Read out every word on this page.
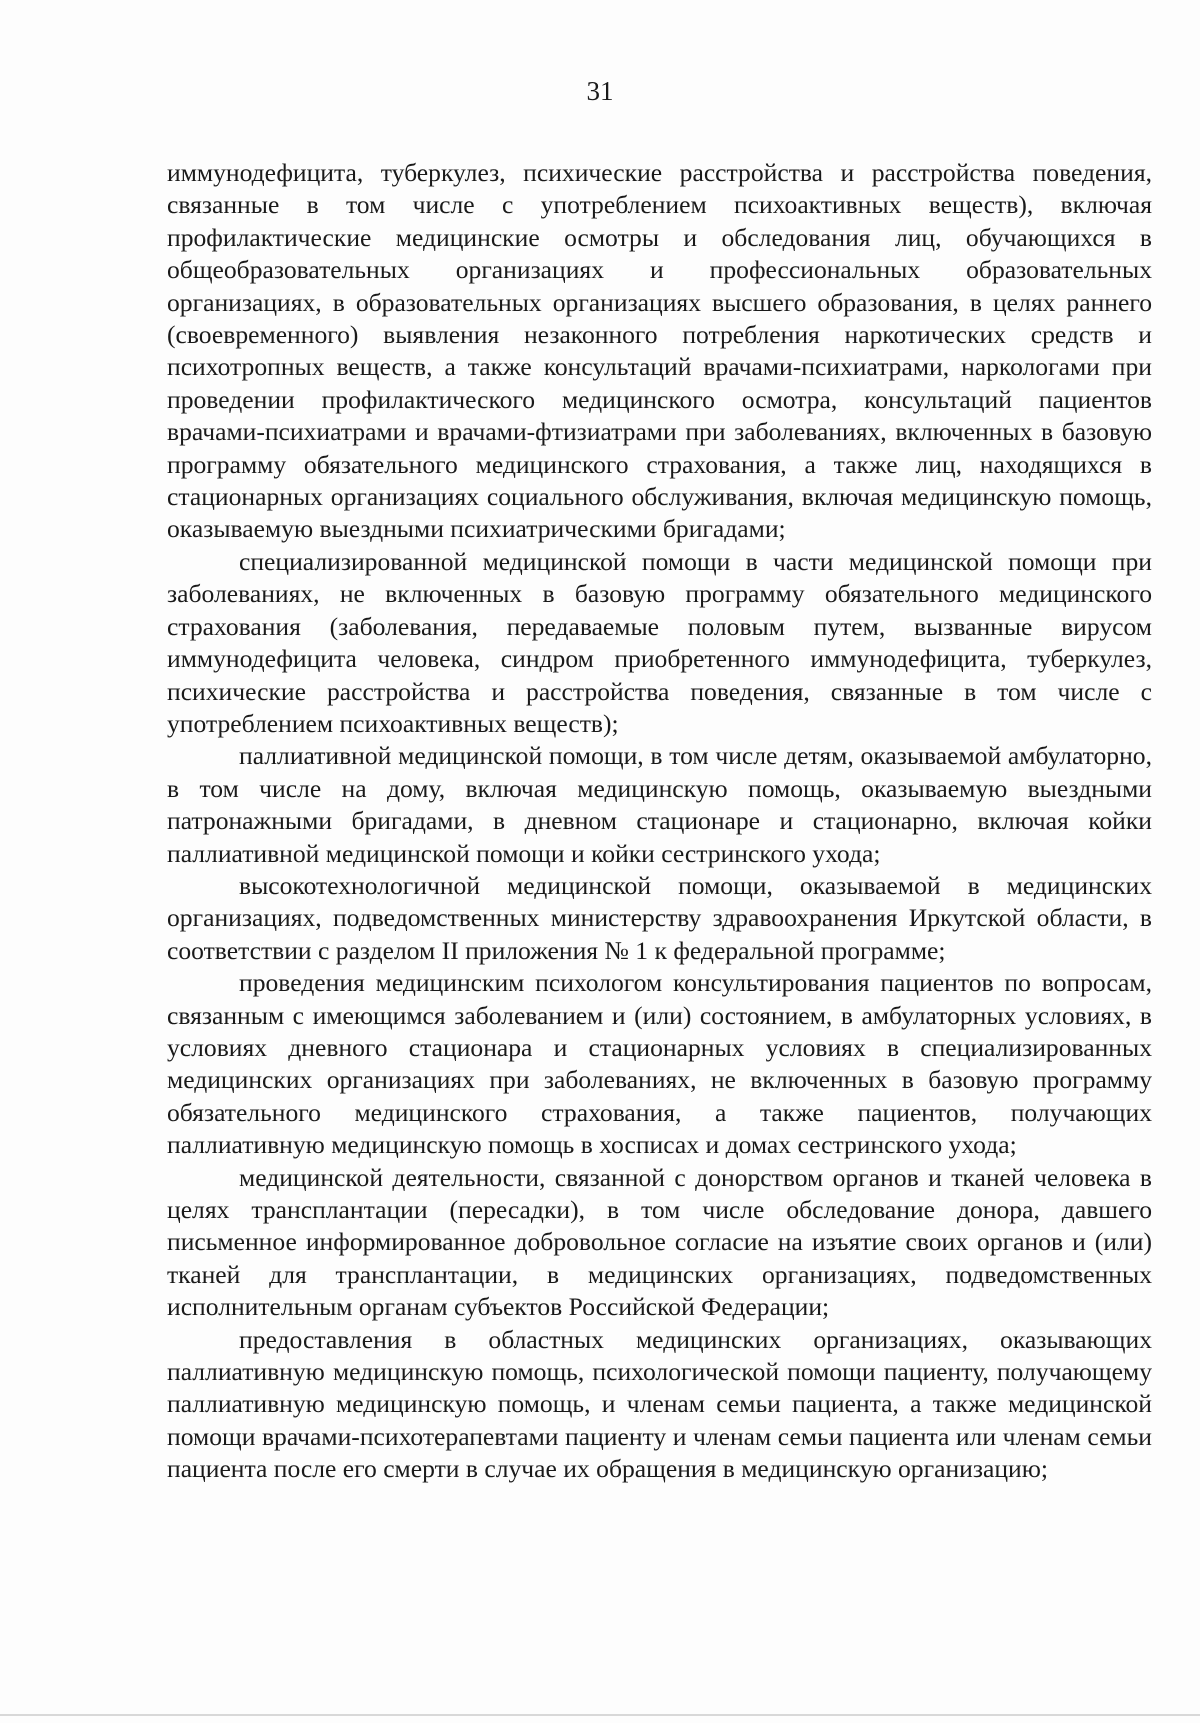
31

иммунодефицита, туберкулез, психические расстройства и расстройства поведения, связанные в том числе с употреблением психоактивных веществ), включая профилактические медицинские осмотры и обследования лиц, обучающихся в общеобразовательных организациях и профессиональных образовательных организациях, в образовательных организациях высшего образования, в целях раннего (своевременного) выявления незаконного потребления наркотических средств и психотропных веществ, а также консультаций врачами-психиатрами, наркологами при проведении профилактического медицинского осмотра, консультаций пациентов врачами-психиатрами и врачами-фтизиатрами при заболеваниях, включенных в базовую программу обязательного медицинского страхования, а также лиц, находящихся в стационарных организациях социального обслуживания, включая медицинскую помощь, оказываемую выездными психиатрическими бригадами;

специализированной медицинской помощи в части медицинской помощи при заболеваниях, не включенных в базовую программу обязательного медицинского страхования (заболевания, передаваемые половым путем, вызванные вирусом иммунодефицита человека, синдром приобретенного иммунодефицита, туберкулез, психические расстройства и расстройства поведения, связанные в том числе с употреблением психоактивных веществ);

паллиативной медицинской помощи, в том числе детям, оказываемой амбулаторно, в том числе на дому, включая медицинскую помощь, оказываемую выездными патронажными бригадами, в дневном стационаре и стационарно, включая койки паллиативной медицинской помощи и койки сестринского ухода;

высокотехнологичной медицинской помощи, оказываемой в медицинских организациях, подведомственных министерству здравоохранения Иркутской области, в соответствии с разделом II приложения № 1 к федеральной программе;

проведения медицинским психологом консультирования пациентов по вопросам, связанным с имеющимся заболеванием и (или) состоянием, в амбулаторных условиях, в условиях дневного стационара и стационарных условиях в специализированных медицинских организациях при заболеваниях, не включенных в базовую программу обязательного медицинского страхования, а также пациентов, получающих паллиативную медицинскую помощь в хосписах и домах сестринского ухода;

медицинской деятельности, связанной с донорством органов и тканей человека в целях трансплантации (пересадки), в том числе обследование донора, давшего письменное информированное добровольное согласие на изъятие своих органов и (или) тканей для трансплантации, в медицинских организациях, подведомственных исполнительным органам субъектов Российской Федерации;

предоставления в областных медицинских организациях, оказывающих паллиативную медицинскую помощь, психологической помощи пациенту, получающему паллиативную медицинскую помощь, и членам семьи пациента, а также медицинской помощи врачами-психотерапевтами пациенту и членам семьи пациента или членам семьи пациента после его смерти в случае их обращения в медицинскую организацию;
